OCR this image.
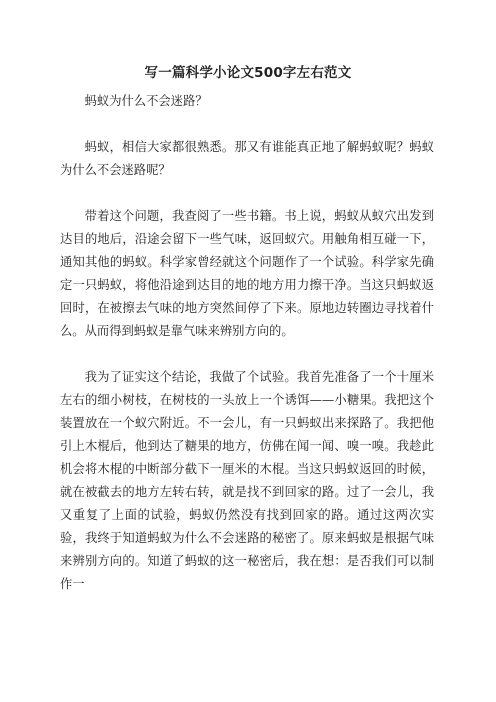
写一篇科学小论文500字左右范文

蚂蚁为什么不会迷路？

蚂蚁，相信大家都很熟悉。那又有谁能真正地了解蚂蚁呢？蚂蚁为什么不会迷路呢？

带着这个问题，我查阅了一些书籍。书上说，蚂蚁从蚁穴出发到达目的地后，沿途会留下一些气味，返回蚁穴。用触角相互碰一下，通知其他的蚂蚁。科学家曾经就这个问题作了一个试验。科学家先确定一只蚂蚁，将他沿途到达目的地的地方用力擦干净。当这只蚂蚁返回时，在被擦去气味的地方突然间停了下来。原地边转圈边寻找着什么。从而得到蚂蚁是靠气味来辨别方向的。

我为了证实这个结论，我做了个试验。我首先准备了一个十厘米左右的细小树枝，在树枝的一头放上一个诱饵——小糖果。我把这个装置放在一个蚁穴附近。不一会儿，有一只蚂蚁出来探路了。我把他引上木棍后，他到达了糖果的地方，仿佛在闻一闻、嗅一嗅。我趁此机会将木棍的中断部分截下一厘米的木棍。当这只蚂蚁返回的时候，就在被截去的地方左转右转，就是找不到回家的路。过了一会儿，我又重复了上面的试验，蚂蚁仍然没有找到回家的路。通过这两次实验，我终于知道蚂蚁为什么不会迷路的秘密了。原来蚂蚁是根据气味来辨别方向的。知道了蚂蚁的这一秘密后，我在想：是否我们可以制作一
